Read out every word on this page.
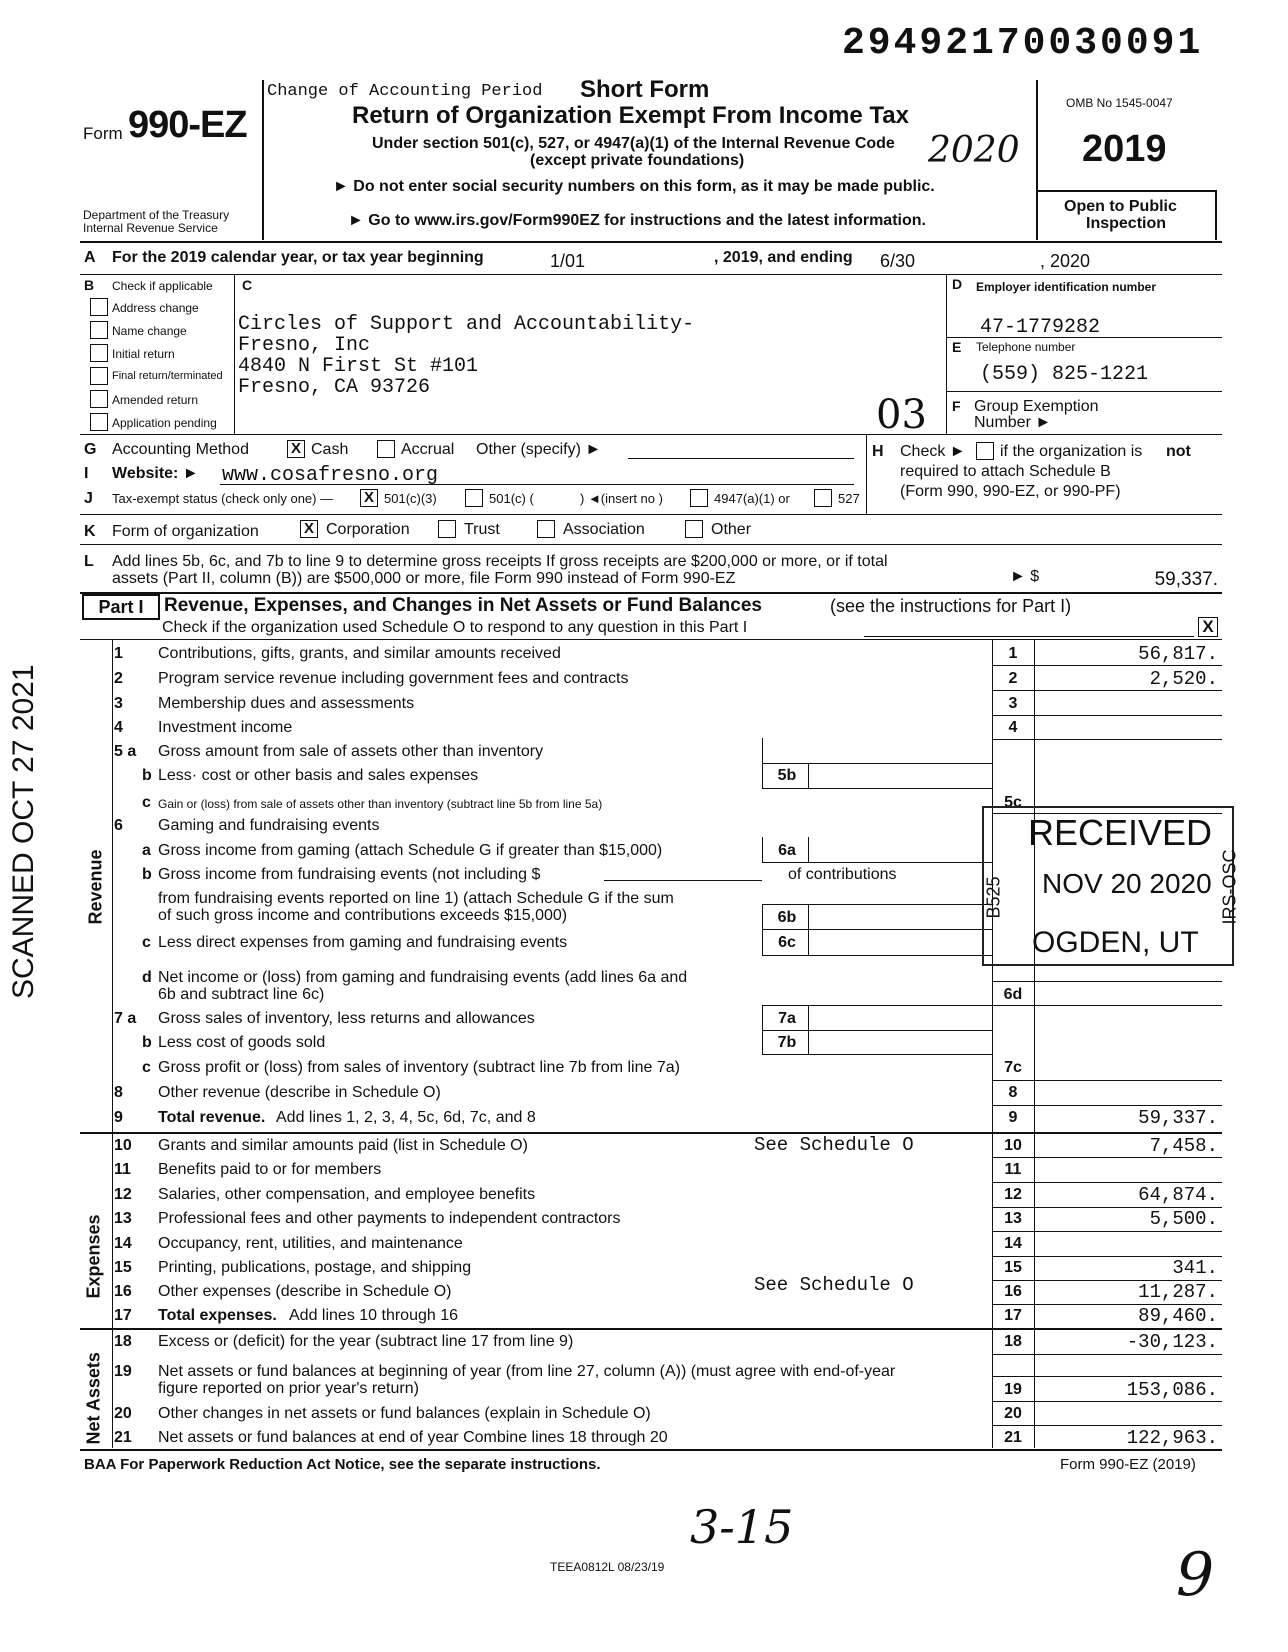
29492170030091
Form 990-EZ
Department of the Treasury
Internal Revenue Service
Change of Accounting Period Short Form
Return of Organization Exempt From Income Tax
Under section 501(c), 527, or 4947(a)(1) of the Internal Revenue Code
(except private foundations)	2020
► Do not enter social security numbers on this form, as it may be made public.
► Go to www.irs.gov/Form990EZ for instructions and the latest information.
OMB No 1545-0047
2019
Open to Public
Inspection
A For the 2019 calendar year, or tax year beginning	1/01	, 2019, and ending 6/30	, 2020
B Check if applicable
Address change
Name change
Initial return
Final return/terminated
Amended return
Application pending
C
Circles of Support and Accountability-
Fresno, Inc
4840 N First St #101
Fresno, CA 93726
03
D Employer identification number
47-1779282
E Telephone number
(559) 825-1221
F Group Exemption
Number ►
G Accounting Method	X Cash	Accrual Other (specify) ►	H Check ► if the organization is not
required to attach Schedule B
(Form 990, 990-EZ, or 990-PF)
I Website: ► www.cosafresno.org
J Tax-exempt status (check only one) — X 501(c)(3)	501(c) (	) ◄(insert no )	4947(a)(1) or	527
K Form of organization	X Corporation	Trust	Association	Other
L Add lines 5b, 6c, and 7b to line 9 to determine gross receipts If gross receipts are $200,000 or more, or if total
assets (Part II, column (B)) are $500,000 or more, file Form 990 instead of Form 990-EZ	► $	59,337.
Part I	Revenue, Expenses, and Changes in Net Assets or Fund Balances	(see the instructions for Part I)
Check if the organization used Schedule O to respond to any question in this Part I	X
Revenue
Expenses
Net Assets
1	Contributions, gifts, grants, and similar amounts received	1	56,817.
2	Program service revenue including government fees and contracts	2	2,520.
3	Membership dues and assessments	3
4	Investment income	4
5 a	Gross amount from sale of assets other than inventory
b Less· cost or other basis and sales expenses	5b
c Gain or (loss) from sale of assets other than inventory (subtract line 5b from line 5a)	5c
6	Gaming and fundraising events
a Gross income from gaming (attach Schedule G if greater than $15,000)	6a
b Gross income from fundraising events (not including $	of contributions
from fundraising events reported on line 1) (attach Schedule G if the sum
of such gross income and contributions exceeds $15,000)	6b
c Less direct expenses from gaming and fundraising events	6c
d Net income or (loss) from gaming and fundraising events (add lines 6a and
6b and subtract line 6c)	6d
7 a	Gross sales of inventory, less returns and allowances	7a
b Less cost of goods sold	7b
c Gross profit or (loss) from sales of inventory (subtract line 7b from line 7a)	7c
8	Other revenue (describe in Schedule O)	8
9	Total revenue. Add lines 1, 2, 3, 4, 5c, 6d, 7c, and 8	9	59,337.
10	Grants and similar amounts paid (list in Schedule O)	See Schedule O	10	7,458.
11	Benefits paid to or for members	11
12	Salaries, other compensation, and employee benefits	12	64,874.
13	Professional fees and other payments to independent contractors	13	5,500.
14	Occupancy, rent, utilities, and maintenance	14
15	Printing, publications, postage, and shipping	15	341.
16	Other expenses (describe in Schedule O)	See Schedule O	16	11,287.
17	Total expenses. Add lines 10 through 16	17	89,460.
18	Excess or (deficit) for the year (subtract line 17 from line 9)	18	-30,123.
19 Net assets or fund balances at beginning of year (from line 27, column (A)) (must agree with end-of-year
figure reported on prior year's return)	19	153,086.
20	Other changes in net assets or fund balances (explain in Schedule O)	20
21	Net assets or fund balances at end of year Combine lines 18 through 20	21	122,963.
BAA For Paperwork Reduction Act Notice, see the separate instructions.	Form 990-EZ (2019)
TEEA0812L 08/23/19
3-15
9
RECEIVED
NOV 20 2020
OGDEN, UT
B525	IRS-OSC
SCANNED OCT 27 2021
